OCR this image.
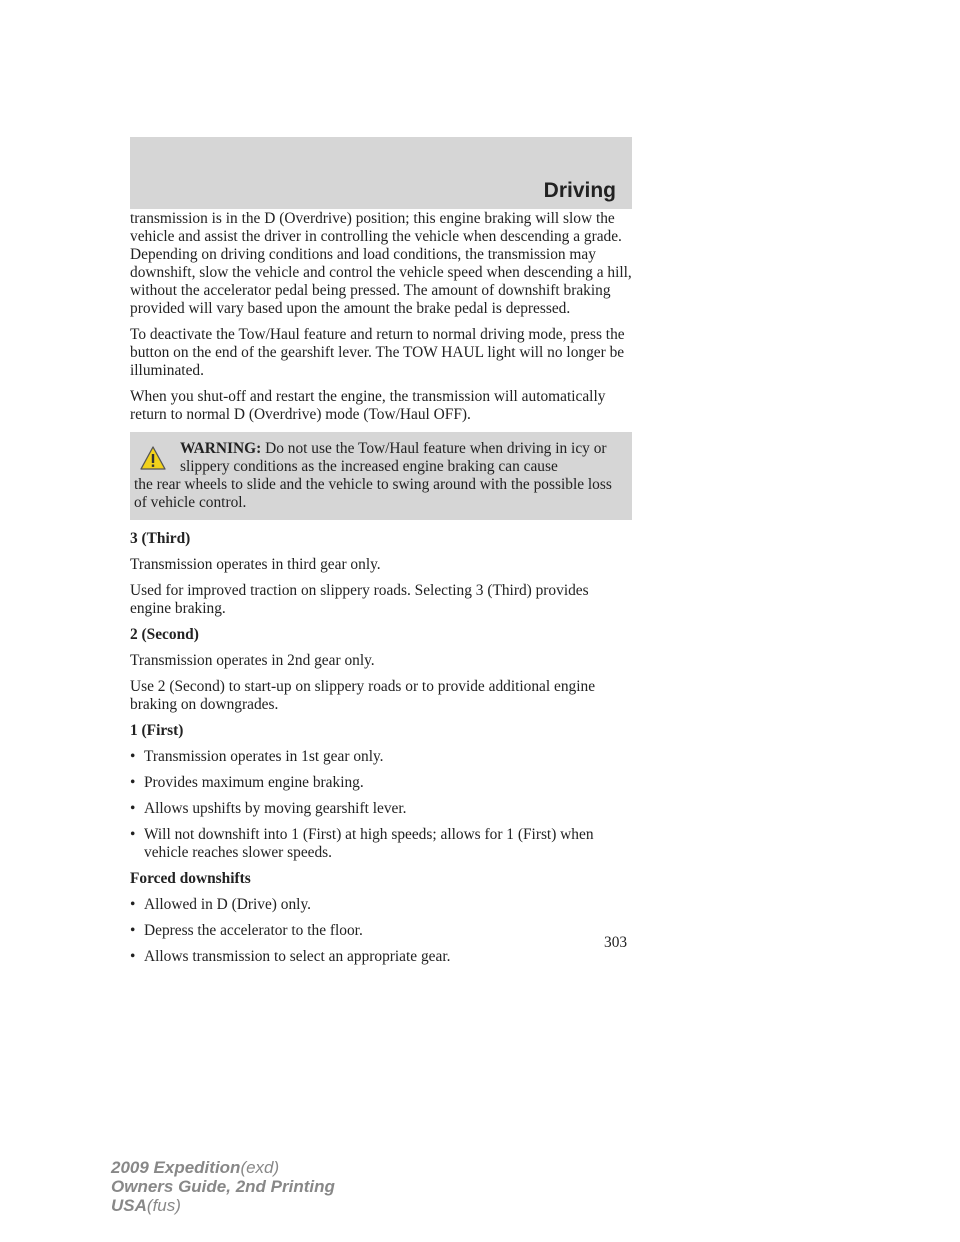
Driving

transmission is in the D (Overdrive) position; this engine braking will slow the vehicle and assist the driver in controlling the vehicle when descending a grade. Depending on driving conditions and load conditions, the transmission may downshift, slow the vehicle and control the vehicle speed when descending a hill, without the accelerator pedal being pressed. The amount of downshift braking provided will vary based upon the amount the brake pedal is depressed.

To deactivate the Tow/Haul feature and return to normal driving mode, press the button on the end of the gearshift lever. The TOW HAUL light will no longer be illuminated.

When you shut-off and restart the engine, the transmission will automatically return to normal D (Overdrive) mode (Tow/Haul OFF).

WARNING: Do not use the Tow/Haul feature when driving in icy or slippery conditions as the increased engine braking can cause
the rear wheels to slide and the vehicle to swing around with the possible loss of vehicle control.
3 (Third)

Transmission operates in third gear only.

Used for improved traction on slippery roads. Selecting 3 (Third) provides engine braking.

2 (Second)

Transmission operates in 2nd gear only.

Use 2 (Second) to start-up on slippery roads or to provide additional engine braking on downgrades.

1 (First)
• Transmission operates in 1st gear only.
• Provides maximum engine braking.
• Allows upshifts by moving gearshift lever.
• Will not downshift into 1 (First) at high speeds; allows for 1 (First) when vehicle reaches slower speeds.
Forced downshifts
• Allowed in D (Drive) only.
• Depress the accelerator to the floor.
• Allows transmission to select an appropriate gear.
303
2009 Expedition(exd)
Owners Guide, 2nd Printing
USA(fus)
